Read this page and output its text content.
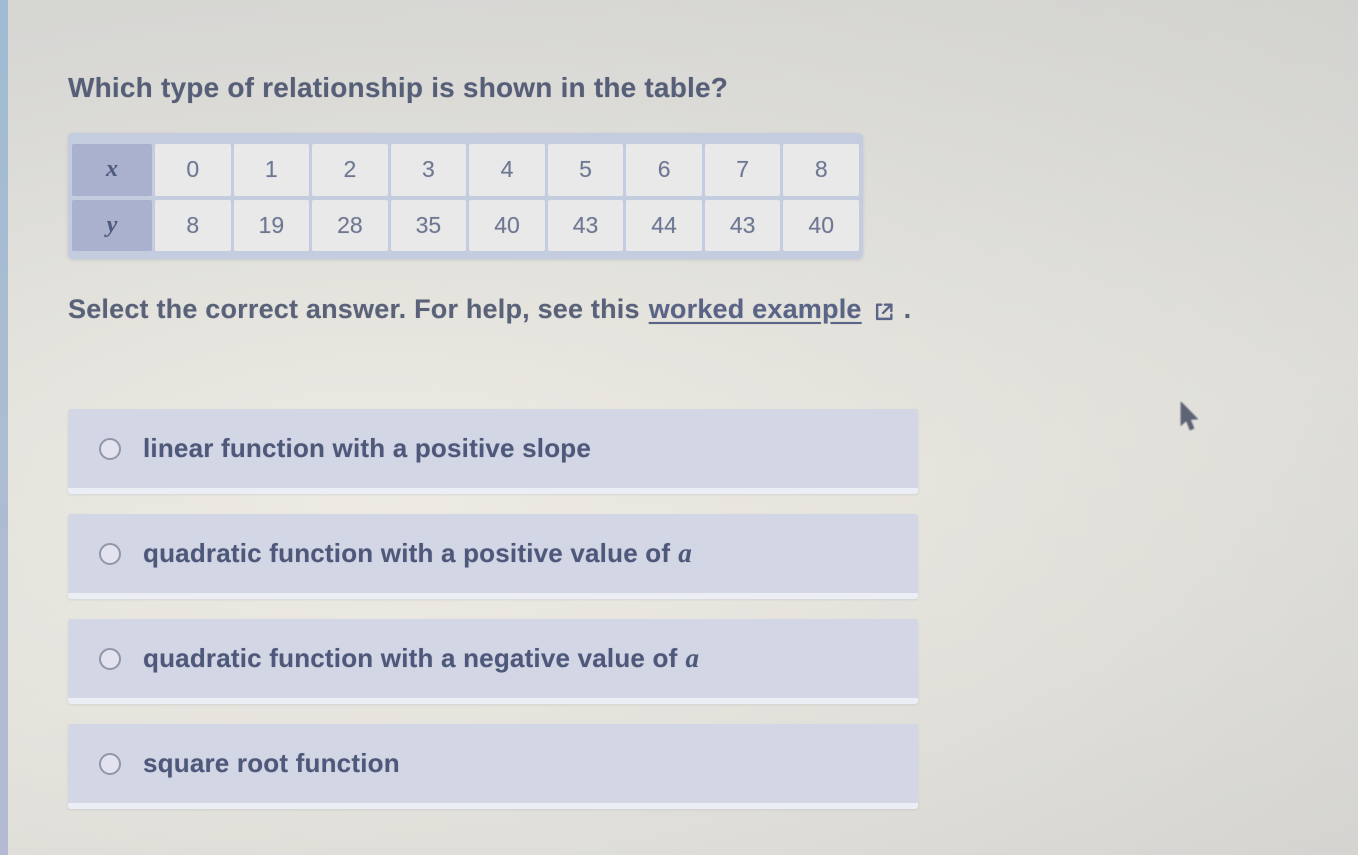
Which type of relationship is shown in the table?
x	0	1	2	3	4	5	6	7	8
y	8	19	28	35	40	43	44	43	40
Select the correct answer. For help, see this worked example .
linear function with a positive slope
quadratic function with a positive value of a
quadratic function with a negative value of a
square root function
